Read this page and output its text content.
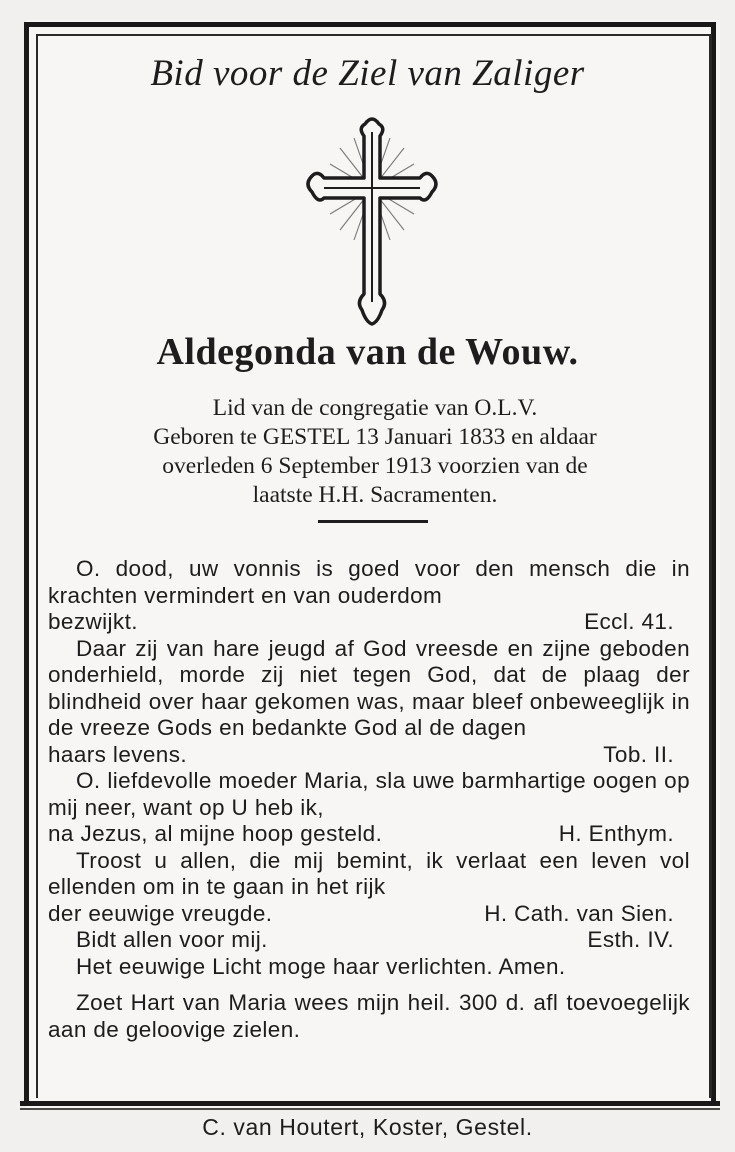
Bid voor de Ziel van Zaliger
Aldegonda van de Wouw.
Lid van de congregatie van O.L.V.
Geboren te GESTEL 13 Januari 1833 en aldaar
overleden 6 September 1913 voorzien van de
laatste H.H. Sacramenten.

O. dood, uw vonnis is goed voor den mensch die in krachten vermindert en van ouderdom

bezwijkt.	Eccl. 41.

Daar zij van hare jeugd af God vreesde en zijne geboden onderhield, morde zij niet tegen God, dat de plaag der blindheid over haar gekomen was, maar bleef onbeweeglijk in de vreeze Gods en bedankte God al de dagen

haars levens.	Tob. II.

O. liefdevolle moeder Maria, sla uwe barmhartige oogen op mij neer, want op U heb ik,

na Jezus, al mijne hoop gesteld.	H. Enthym.

Troost u allen, die mij bemint, ik verlaat een leven vol ellenden om in te gaan in het rijk

der eeuwige vreugde.	H. Cath. van Sien.
Bidt allen voor mij.	Esth. IV.

Het eeuwige Licht moge haar verlichten. Amen.

Zoet Hart van Maria wees mijn heil. 300 d. afl toevoegelijk aan de geloovige zielen.

C. van Houtert, Koster, Gestel.
